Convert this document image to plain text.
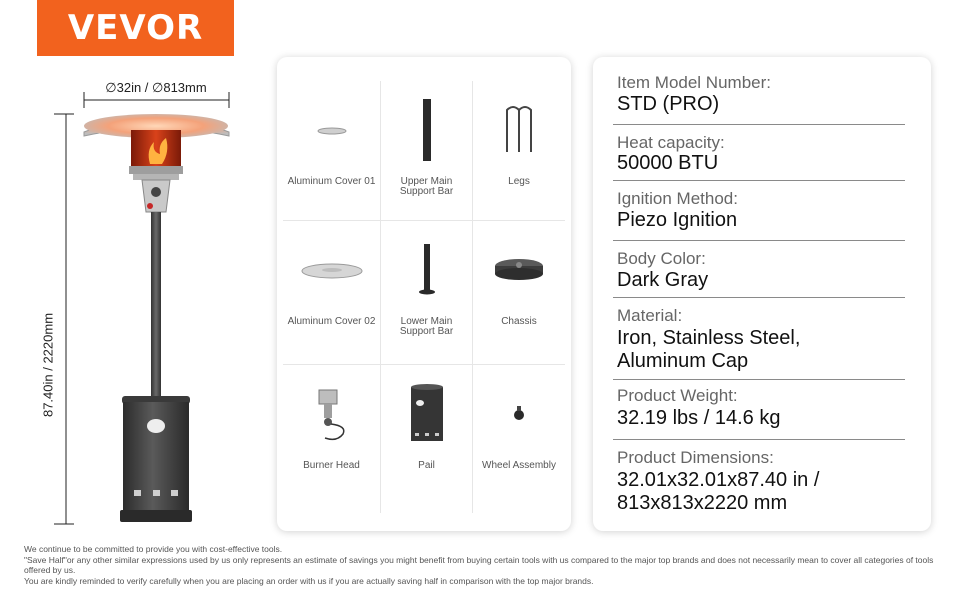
VEVOR
∅32in / ∅813mm
87.40in / 2220mm
Aluminum Cover 01	Upper Main Support Bar
Legs
Aluminum Cover 02	Lower Main Support Bar
Chassis
Burner Head	Pail	Wheel Assembly
Item Model Number:
STD (PRO)
Heat capacity:
50000 BTU
Ignition Method:
Piezo Ignition
Body Color:
Dark Gray
Material:
Iron, Stainless Steel,
Aluminum Cap
Product Weight:
32.19 lbs / 14.6 kg
Product Dimensions:
32.01x32.01x87.40 in /
813x813x2220 mm

We continue to be committed to provide you with cost-effective tools.

"Save Half"or any other similar expressions used by us only represents an estimate of savings you might benefit from buying certain tools with us compared to the major top brands and does not necessarily mean to cover all categories of tools offered by us.

You are kindly reminded to verify carefully when you are placing an order with us if you are actually saving half in comparison with the top major brands.
